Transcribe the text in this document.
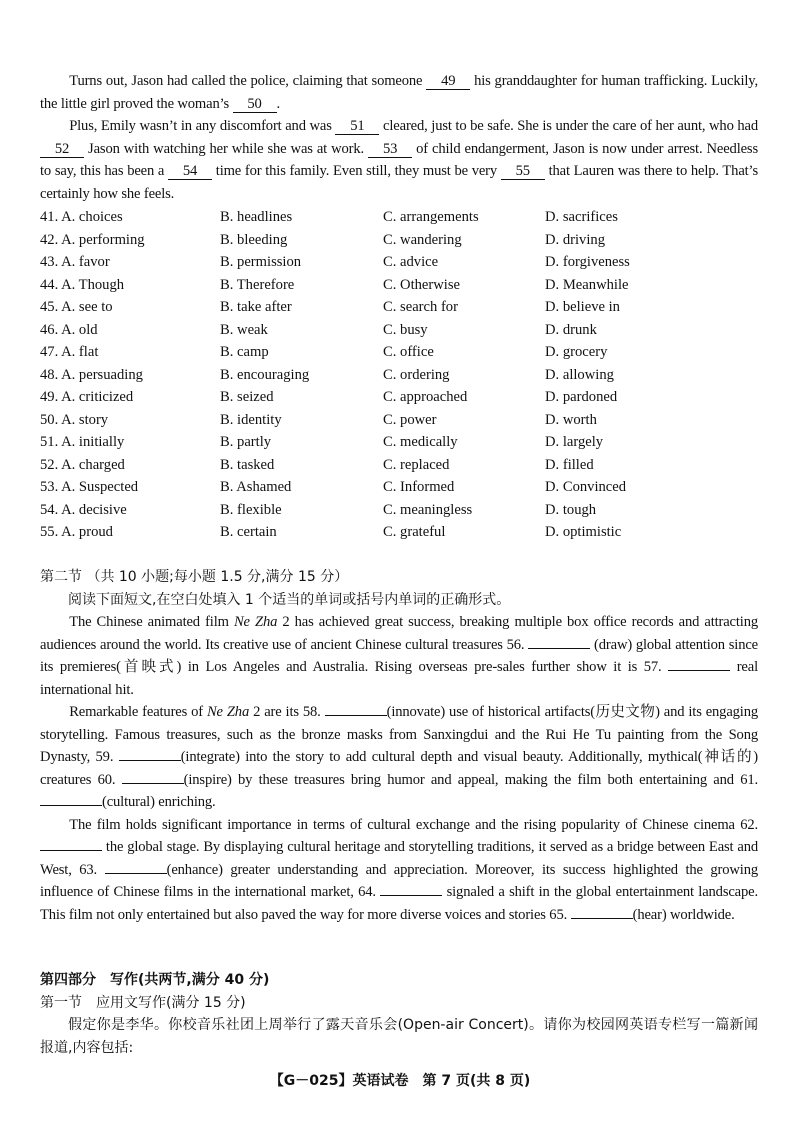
Turns out, Jason had called the police, claiming that someone 49 his granddaughter for human trafficking. Luckily, the little girl proved the woman’s 50 .

Plus, Emily wasn’t in any discomfort and was 51 cleared, just to be safe. She is under the care of her aunt, who had 52 Jason with watching her while she was at work. 53 of child endangerment, Jason is now under arrest. Needless to say, this has been a 54 time for this family. Even still, they must be very 55 that Lauren was there to help. That’s certainly how she feels.

41. A. choices	B. headlines	C. arrangements	D. sacrifices
42. A. performing	B. bleeding	C. wandering	D. driving
43. A. favor	B. permission	C. advice	D. forgiveness
44. A. Though	B. Therefore	C. Otherwise	D. Meanwhile
45. A. see to	B. take after	C. search for	D. believe in
46. A. old	B. weak	C. busy	D. drunk
47. A. flat	B. camp	C. office	D. grocery
48. A. persuading	B. encouraging	C. ordering	D. allowing
49. A. criticized	B. seized	C. approached	D. pardoned
50. A. story	B. identity	C. power	D. worth
51. A. initially	B. partly	C. medically	D. largely
52. A. charged	B. tasked	C. replaced	D. filled
53. A. Suspected	B. Ashamed	C. Informed	D. Convinced
54. A. decisive	B. flexible	C. meaningless	D. tough
55. A. proud	B. certain	C. grateful	D. optimistic

第二节 （共 10 小题;每小题 1.5 分,满分 15 分）

阅读下面短文,在空白处填入 1 个适当的单词或括号内单词的正确形式。

The Chinese animated film Ne Zha 2 has achieved great success, breaking multiple box office records and attracting audiences around the world. Its creative use of ancient Chinese cultural treasures 56.	(draw) global attention since its premieres(首映式) in Los Angeles and Australia. Rising overseas pre-sales further show it is 57.	real international hit.

Remarkable features of Ne Zha 2 are its 58.	(innovate) use of historical artifacts(历史文物) and its engaging storytelling. Famous treasures, such as the bronze masks from Sanxingdui and the Rui He Tu painting from the Song Dynasty, 59.	(integrate) into the story to add cultural depth and visual beauty. Additionally, mythical(神话的) creatures 60.	(inspire) by these treasures bring humor and appeal, making the film both entertaining and 61. (cultural) enriching.

The film holds significant importance in terms of cultural exchange and the rising popularity of Chinese cinema 62.  the global stage. By displaying cultural heritage and storytelling traditions, it served as a bridge between East and West, 63.	(enhance) greater understanding and appreciation. Moreover, its success highlighted the growing influence of Chinese films in the international market, 64.	signaled a shift in the global entertainment landscape. This film not only entertained but also paved the way for more diverse voices and stories 65.	(hear) worldwide.

第四部分　写作(共两节,满分 40 分)

第一节　应用文写作(满分 15 分)

假定你是李华。你校音乐社团上周举行了露天音乐会(Open-air Concert)。请你为校园网英语专栏写一篇新闻报道,内容包括:

【G－025】英语试卷　第 7 页(共 8 页)
